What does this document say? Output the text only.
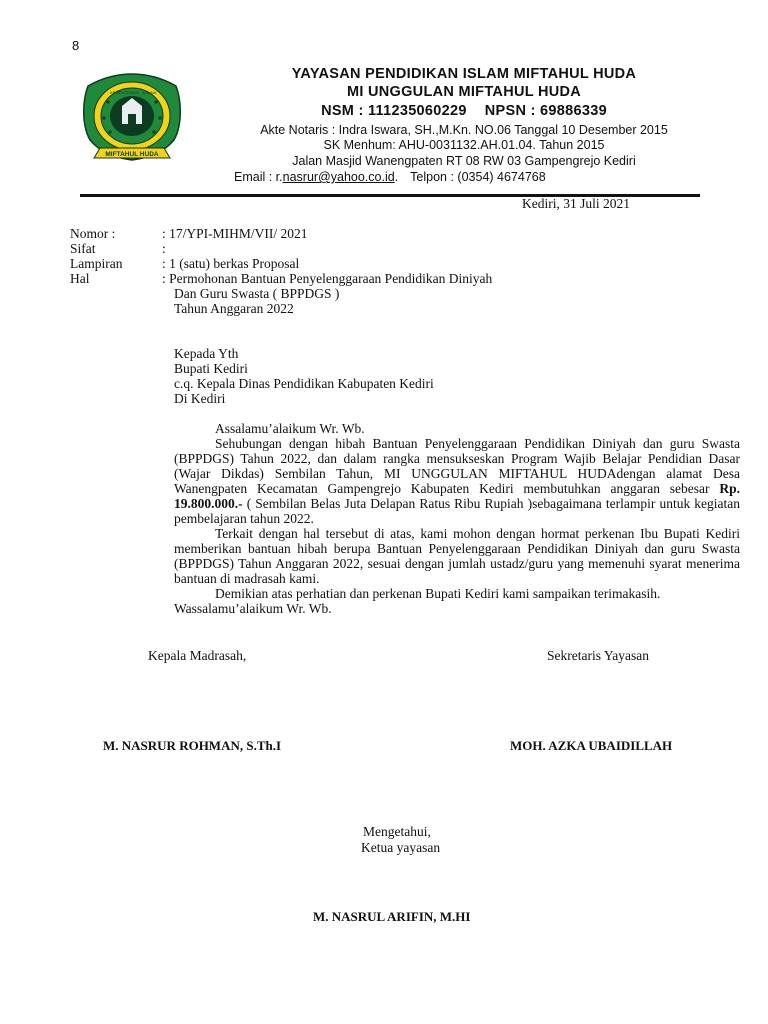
8
MIFTAHUL HUDA
KEMENTERIAN AGAMA
YAYASAN PENDIDIKAN ISLAM MIFTAHUL HUDA
MI UNGGULAN MIFTAHUL HUDA
NSM : 111235060229 NPSN : 69886339
Akte Notaris : Indra Iswara, SH.,M.Kn. NO.06 Tanggal 10 Desember 2015
SK Menhum: AHU-0031132.AH.01.04. Tahun 2015
Jalan Masjid Wanengpaten RT 08 RW 03 Gampengrejo Kediri
Email : r.nasrur@yahoo.co.id. Telpon : (0354) 4674768
Kediri, 31 Juli 2021
Nomor :	: 17/YPI-MIHM/VII/ 2021
Sifat	:
Lampiran	: 1 (satu) berkas Proposal
Hal	: Permohonan Bantuan Penyelenggaraan Pendidikan Diniyah
Dan Guru Swasta ( BPPDGS )
Tahun Anggaran 2022
Kepada Yth
Bupati Kediri
c.q. Kepala Dinas Pendidikan Kabupaten Kediri
Di Kediri
Assalamu’alaikum Wr. Wb.
Sehubungan dengan hibah Bantuan Penyelenggaraan Pendidikan Diniyah dan guru Swasta (BPPDGS) Tahun 2022, dan dalam rangka mensukseskan Program Wajib Belajar Pendidian Dasar (Wajar Dikdas) Sembilan Tahun, MI UNGGULAN MIFTAHUL HUDAdengan alamat Desa Wanengpaten Kecamatan Gampengrejo Kabupaten Kediri membutuhkan anggaran sebesar Rp. 19.800.000.- ( Sembilan Belas Juta Delapan Ratus Ribu Rupiah )sebagaimana terlampir untuk kegiatan pembelajaran tahun 2022.
Terkait dengan hal tersebut di atas, kami mohon dengan hormat perkenan Ibu Bupati Kediri memberikan bantuan hibah berupa Bantuan Penyelenggaraan Pendidikan Diniyah dan guru Swasta (BPPDGS) Tahun Anggaran 2022, sesuai dengan jumlah ustadz/guru yang memenuhi syarat menerima bantuan di madrasah kami.
Demikian atas perhatian dan perkenan Bupati Kediri kami sampaikan terimakasih.
Wassalamu’alaikum Wr. Wb.
Kepala Madrasah,	Sekretaris Yayasan
M. NASRUR ROHMAN, S.Th.I	MOH. AZKA UBAIDILLAH
Mengetahui,
Ketua yayasan
M. NASRUL ARIFIN, M.HI
